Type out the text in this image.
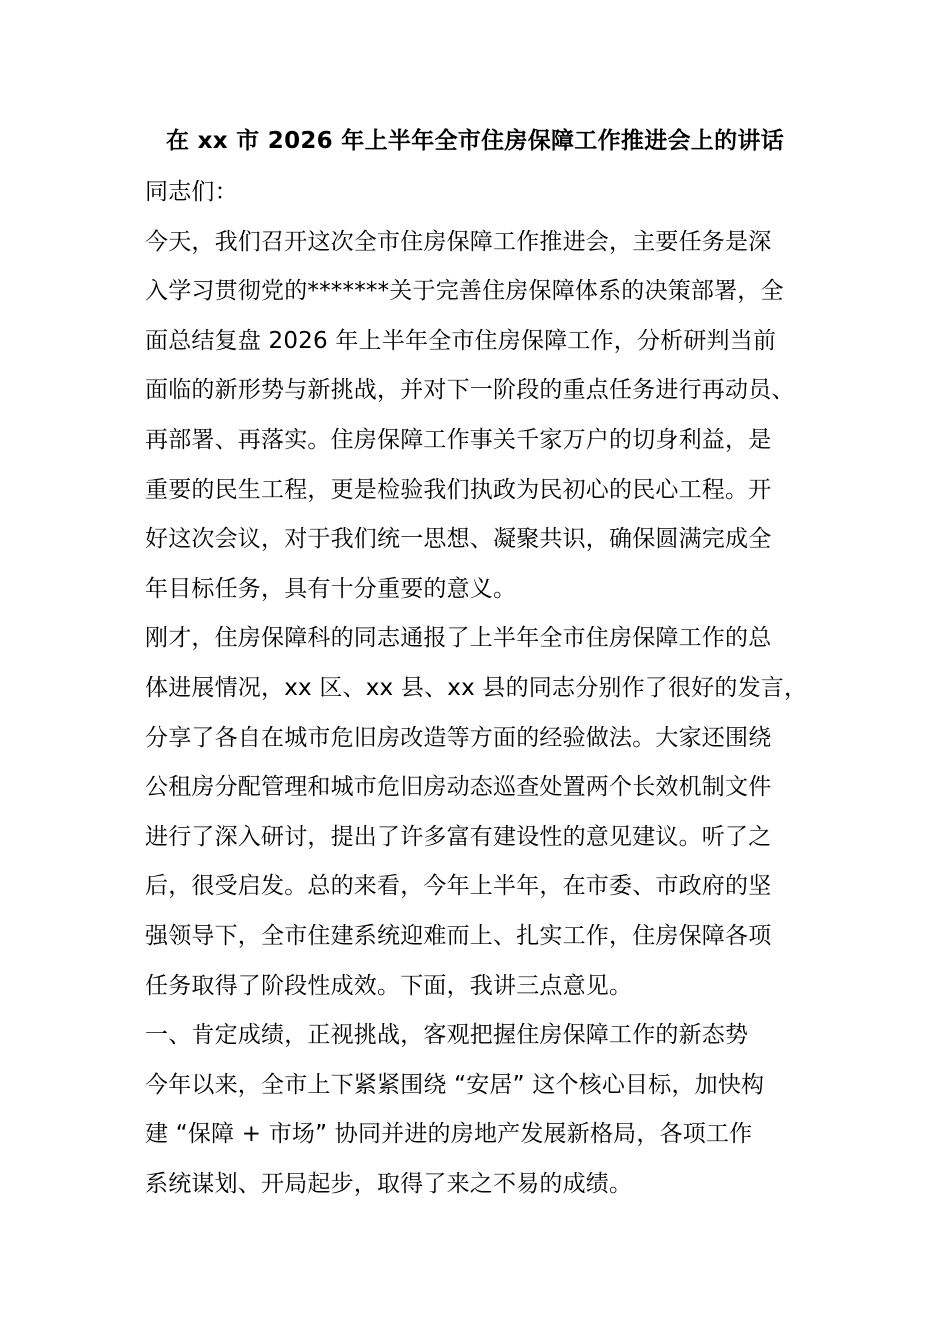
在 xx 市 2026 年上半年全市住房保障工作推进会上的讲话
同志们：
今天，我们召开这次全市住房保障工作推进会，主要任务是深
入学习贯彻党的*******关于完善住房保障体系的决策部署，全
面总结复盘 2026 年上半年全市住房保障工作，分析研判当前
面临的新形势与新挑战，并对下一阶段的重点任务进行再动员、
再部署、再落实。住房保障工作事关千家万户的切身利益，是
重要的民生工程，更是检验我们执政为民初心的民心工程。开
好这次会议，对于我们统一思想、凝聚共识，确保圆满完成全
年目标任务，具有十分重要的意义。
刚才，住房保障科的同志通报了上半年全市住房保障工作的总
体进展情况，xx 区、xx 县、xx 县的同志分别作了很好的发言，
分享了各自在城市危旧房改造等方面的经验做法。大家还围绕
公租房分配管理和城市危旧房动态巡查处置两个长效机制文件
进行了深入研讨，提出了许多富有建设性的意见建议。听了之
后，很受启发。总的来看，今年上半年，在市委、市政府的坚
强领导下，全市住建系统迎难而上、扎实工作，住房保障各项
任务取得了阶段性成效。下面，我讲三点意见。
一、肯定成绩，正视挑战，客观把握住房保障工作的新态势
今年以来，全市上下紧紧围绕 “安居” 这个核心目标，加快构
建 “保障 + 市场” 协同并进的房地产发展新格局，各项工作
系统谋划、开局起步，取得了来之不易的成绩。
